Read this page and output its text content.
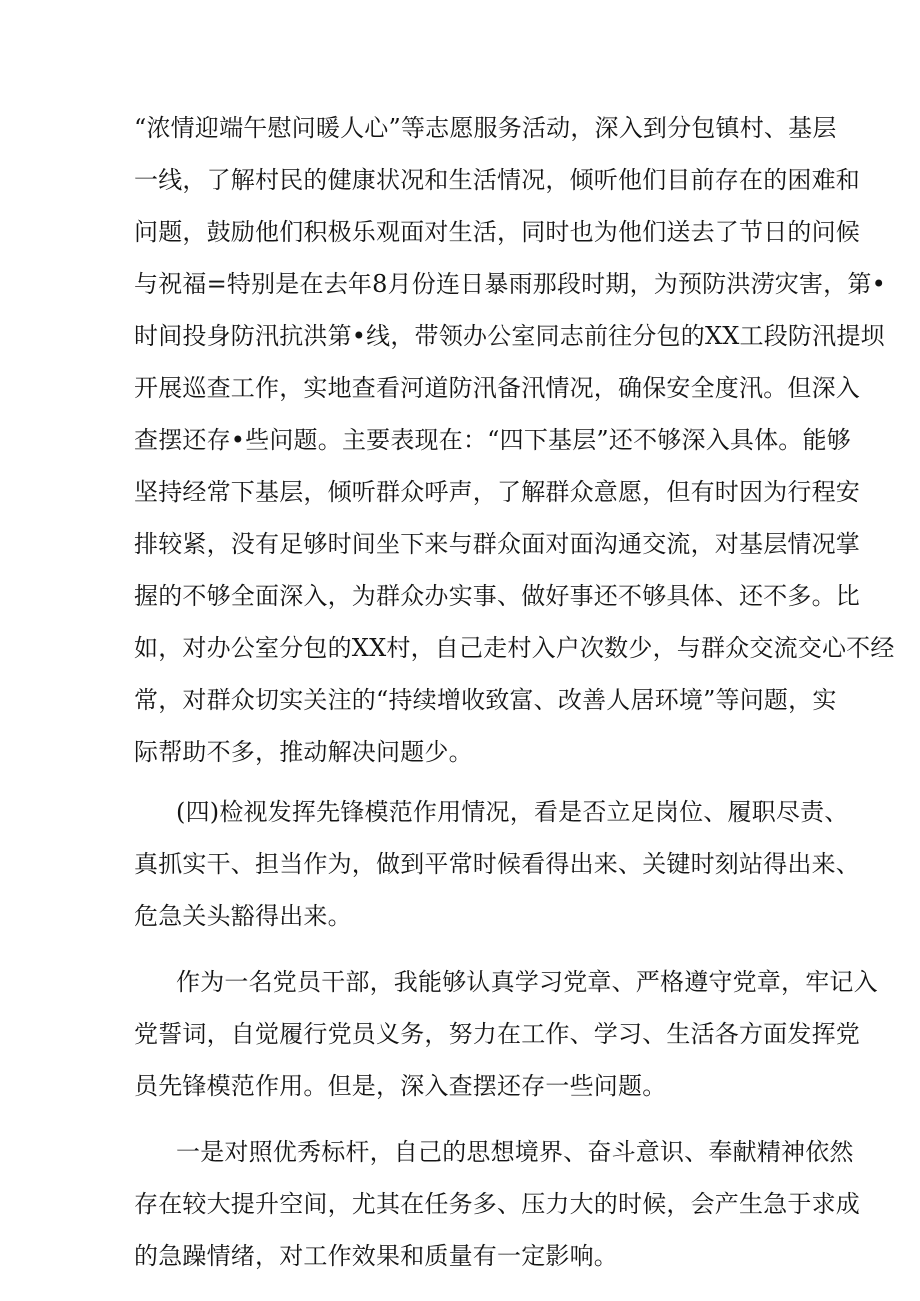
“浓情迎端午慰问暖人心”等志愿服务活动，深入到分包镇村、基层
一线，了解村民的健康状况和生活情况，倾听他们目前存在的困难和
问题，鼓励他们积极乐观面对生活，同时也为他们送去了节日的问候
与祝福=特别是在去年8月份连日暴雨那段时期，为预防洪涝灾害，第•
时间投身防汛抗洪第•线，带领办公室同志前往分包的XX工段防汛提坝
开展巡查工作，实地查看河道防汛备汛情况，确保安全度汛。但深入
查摆还存•些问题。主要表现在：“四下基层”还不够深入具体。能够
坚持经常下基层，倾听群众呼声，了解群众意愿，但有时因为行程安
排较紧，没有足够时间坐下来与群众面对面沟通交流，对基层情况掌
握的不够全面深入，为群众办实事、做好事还不够具体、还不多。比
如，对办公室分包的XX村，自己走村入户次数少，与群众交流交心不经
常，对群众切实关注的“持续增收致富、改善人居环境”等问题，实
际帮助不多，推动解决问题少。
(四)检视发挥先锋模范作用情况，看是否立足岗位、履职尽责、
真抓实干、担当作为，做到平常时候看得出来、关键时刻站得出来、
危急关头豁得出来。
作为一名党员干部，我能够认真学习党章、严格遵守党章，牢记入
党誓词，自觉履行党员义务，努力在工作、学习、生活各方面发挥党
员先锋模范作用。但是，深入查摆还存一些问题。
一是对照优秀标杆，自己的思想境界、奋斗意识、奉献精神依然
存在较大提升空间，尤其在任务多、压力大的时候，会产生急于求成
的急躁情绪，对工作效果和质量有一定影响。
